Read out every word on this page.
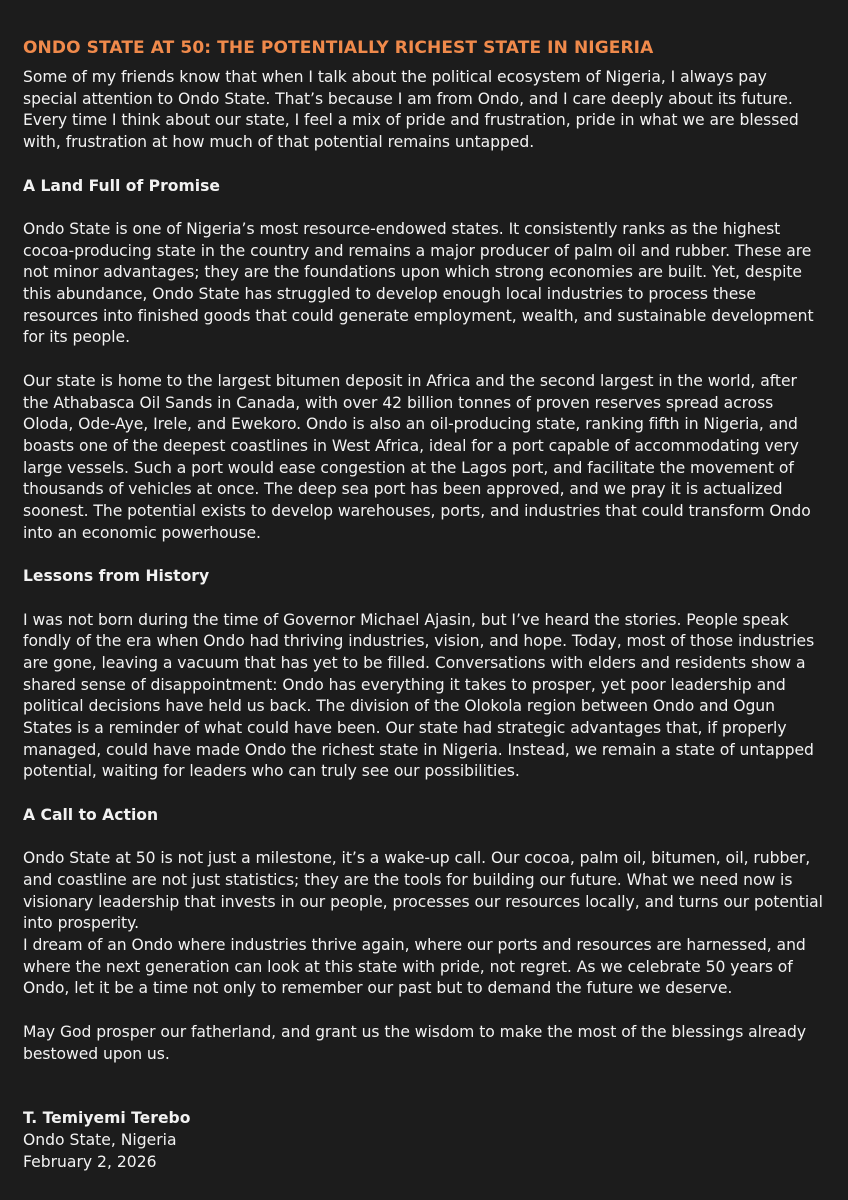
ONDO STATE AT 50: THE POTENTIALLY RICHEST STATE IN NIGERIA

Some of my friends know that when I talk about the political ecosystem of Nigeria, I always pay special attention to Ondo State. That’s because I am from Ondo, and I care deeply about its future. Every time I think about our state, I feel a mix of pride and frustration, pride in what we are blessed with, frustration at how much of that potential remains untapped.

A Land Full of Promise

Ondo State is one of Nigeria’s most resource-endowed states. It consistently ranks as the highest cocoa-producing state in the country and remains a major producer of palm oil and rubber. These are not minor advantages; they are the foundations upon which strong economies are built. Yet, despite this abundance, Ondo State has struggled to develop enough local industries to process these resources into finished goods that could generate employment, wealth, and sustainable development for its people.

Our state is home to the largest bitumen deposit in Africa and the second largest in the world, after the Athabasca Oil Sands in Canada, with over 42 billion tonnes of proven reserves spread across Oloda, Ode-Aye, Irele, and Ewekoro. Ondo is also an oil-producing state, ranking fifth in Nigeria, and boasts one of the deepest coastlines in West Africa, ideal for a port capable of accommodating very large vessels. Such a port would ease congestion at the Lagos port, and facilitate the movement of thousands of vehicles at once. The deep sea port has been approved, and we pray it is actualized soonest. The potential exists to develop warehouses, ports, and industries that could transform Ondo into an economic powerhouse.

Lessons from History

I was not born during the time of Governor Michael Ajasin, but I’ve heard the stories. People speak fondly of the era when Ondo had thriving industries, vision, and hope. Today, most of those industries are gone, leaving a vacuum that has yet to be filled. Conversations with elders and residents show a shared sense of disappointment: Ondo has everything it takes to prosper, yet poor leadership and political decisions have held us back. The division of the Olokola region between Ondo and Ogun States is a reminder of what could have been. Our state had strategic advantages that, if properly managed, could have made Ondo the richest state in Nigeria. Instead, we remain a state of untapped potential, waiting for leaders who can truly see our possibilities.

A Call to Action

Ondo State at 50 is not just a milestone, it’s a wake-up call. Our cocoa, palm oil, bitumen, oil, rubber, and coastline are not just statistics; they are the tools for building our future. What we need now is visionary leadership that invests in our people, processes our resources locally, and turns our potential into prosperity.

I dream of an Ondo where industries thrive again, where our ports and resources are harnessed, and where the next generation can look at this state with pride, not regret. As we celebrate 50 years of Ondo, let it be a time not only to remember our past but to demand the future we deserve.

May God prosper our fatherland, and grant us the wisdom to make the most of the blessings already bestowed upon us.

T. Temiyemi Terebo

Ondo State, Nigeria

February 2, 2026
